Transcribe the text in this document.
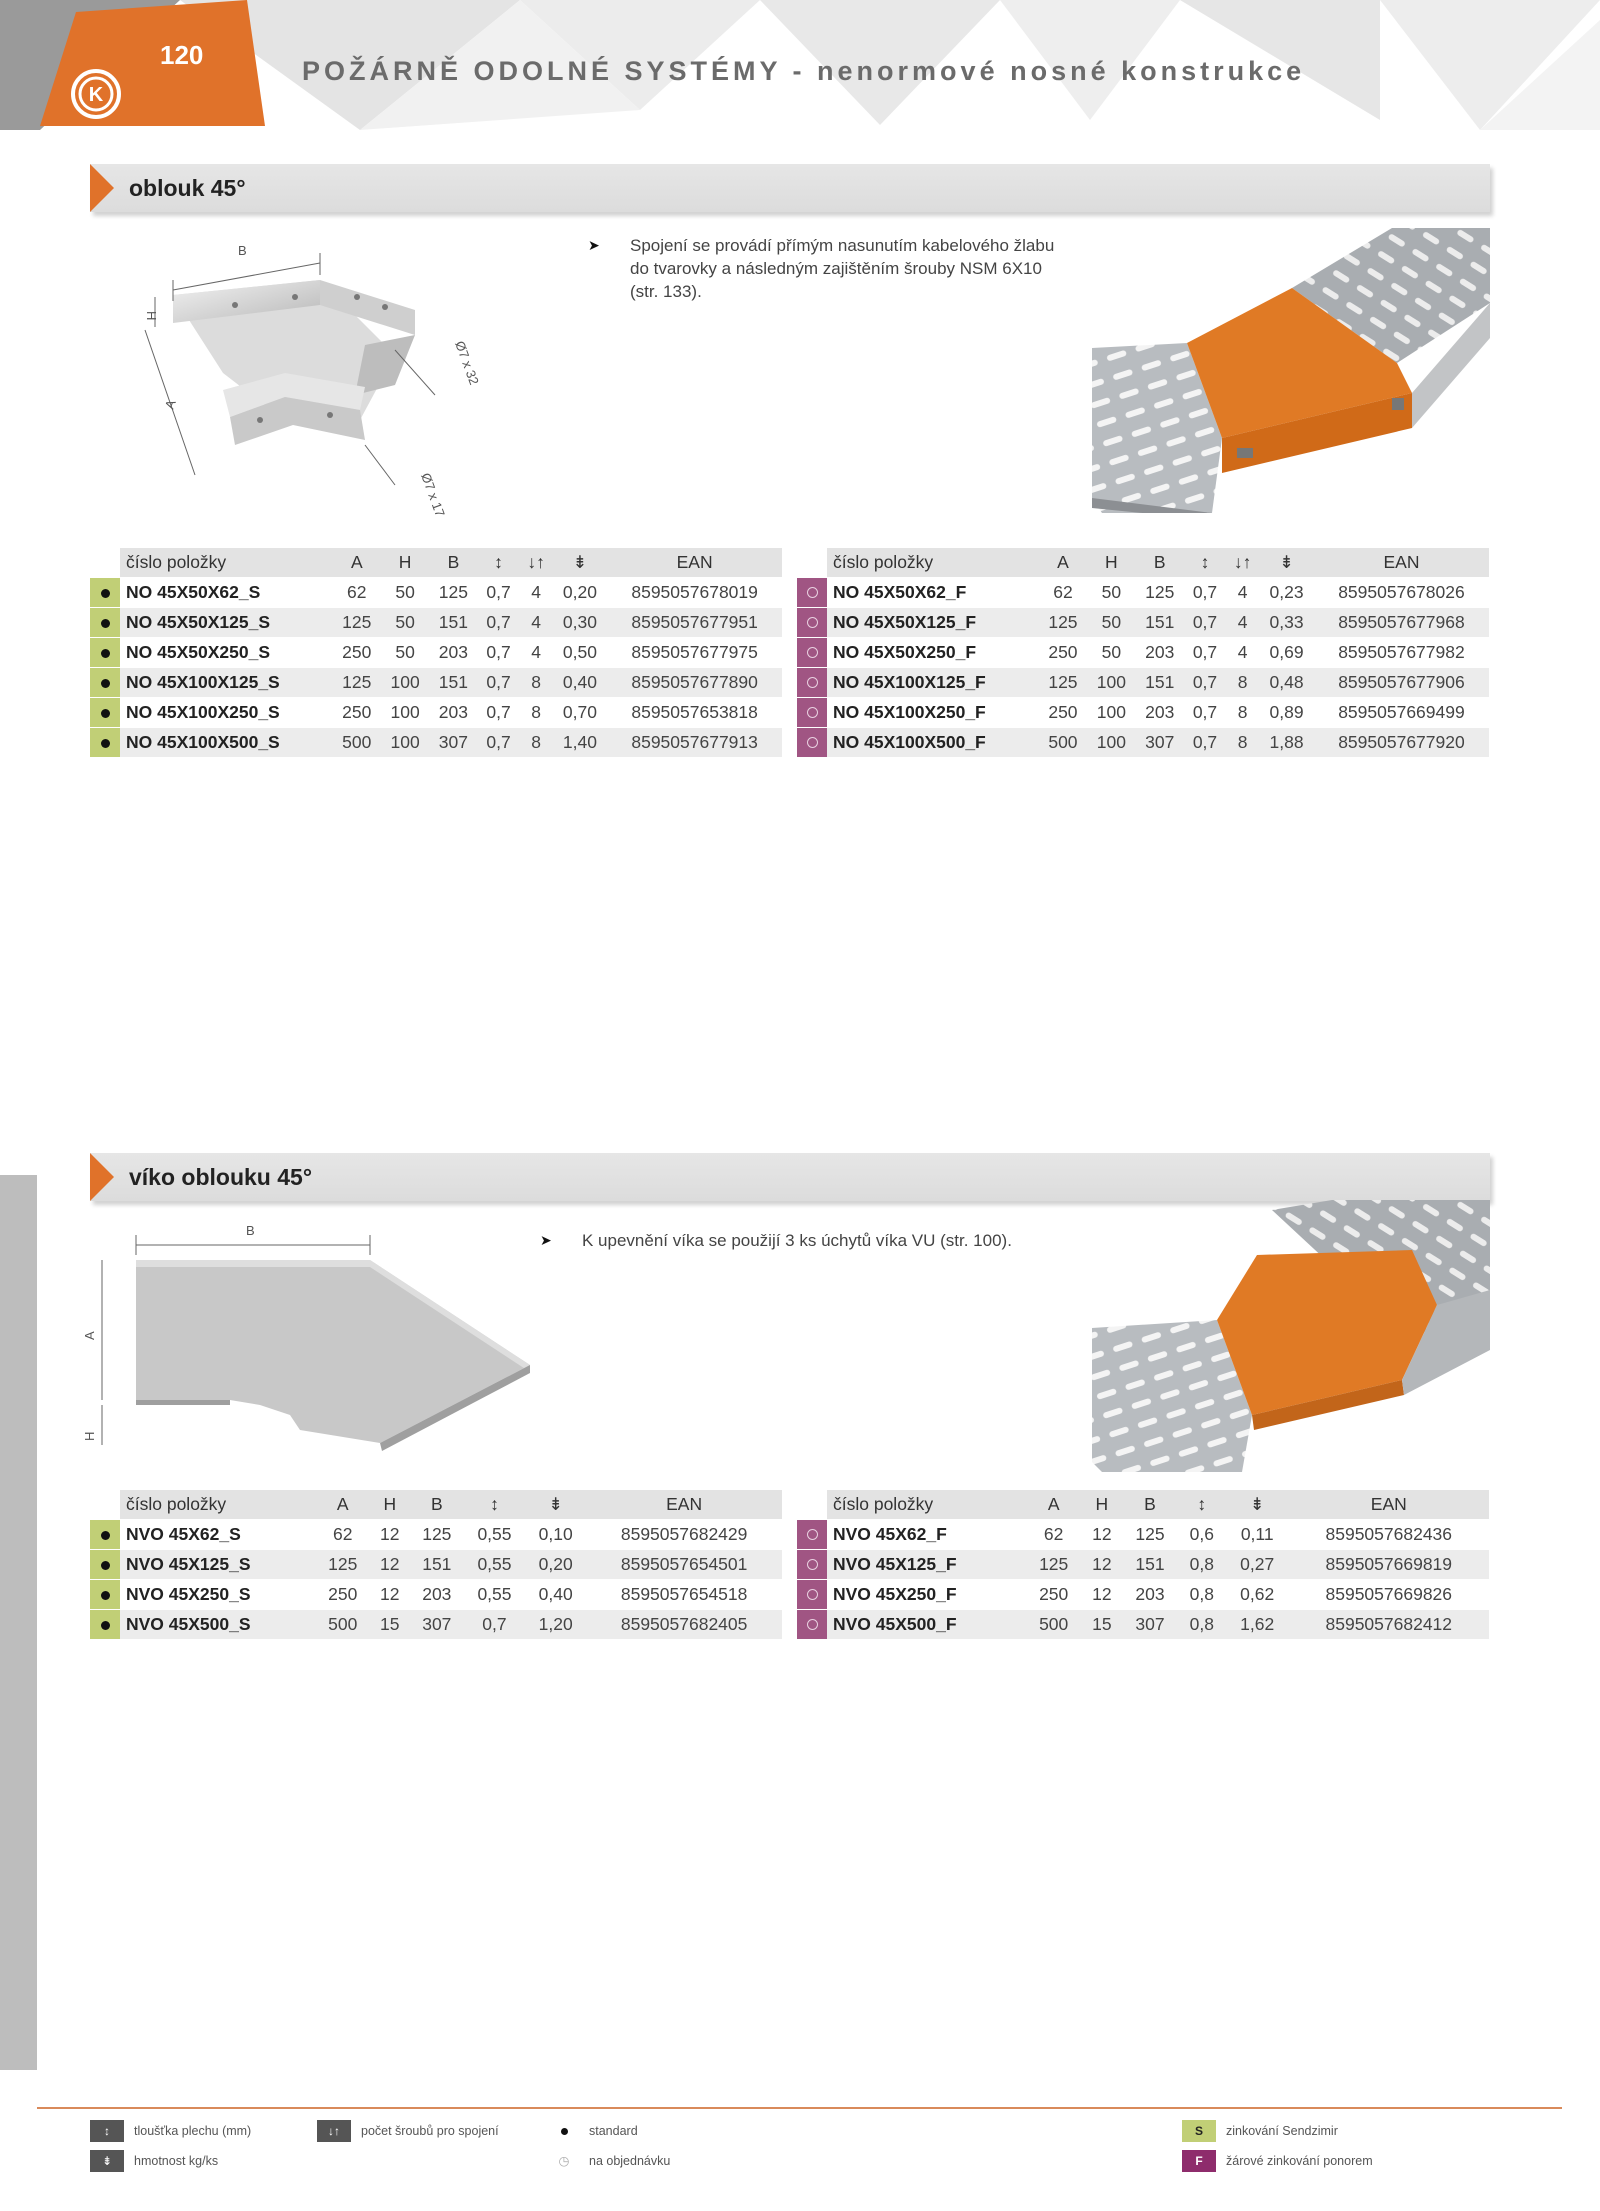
120
K
POŽÁRNĚ ODOLNÉ SYSTÉMY - nenormové nosné konstrukce
oblouk 45°
B
H
A
Ø7 x 32
Ø7 x 17
➤ Spojení se provádí přímým nasunutím kabelového žlabu do tvarovky a následným zajištěním šrouby NSM 6X10 (str. 133).
	číslo položky	A	H	B	↕	↓↑	⇟	EAN
	NO 45X50X62_S	62	50	125	0,7	4	0,20	8595057678019
	NO 45X50X125_S	125	50	151	0,7	4	0,30	8595057677951
	NO 45X50X250_S	250	50	203	0,7	4	0,50	8595057677975
	NO 45X100X125_S	125	100	151	0,7	8	0,40	8595057677890
	NO 45X100X250_S	250	100	203	0,7	8	0,70	8595057653818
	NO 45X100X500_S	500	100	307	0,7	8	1,40	8595057677913
	číslo položky	A	H	B	↕	↓↑	⇟	EAN
	NO 45X50X62_F	62	50	125	0,7	4	0,23	8595057678026
	NO 45X50X125_F	125	50	151	0,7	4	0,33	8595057677968
	NO 45X50X250_F	250	50	203	0,7	4	0,69	8595057677982
	NO 45X100X125_F	125	100	151	0,7	8	0,48	8595057677906
	NO 45X100X250_F	250	100	203	0,7	8	0,89	8595057669499
	NO 45X100X500_F	500	100	307	0,7	8	1,88	8595057677920
víko oblouku 45°
B
A
H
➤ K upevnění víka se použijí 3 ks úchytů víka VU (str. 100).
	číslo položky	A	H	B	↕	⇟	EAN
	NVO 45X62_S	62	12	125	0,55	0,10	8595057682429
	NVO 45X125_S	125	12	151	0,55	0,20	8595057654501
	NVO 45X250_S	250	12	203	0,55	0,40	8595057654518
	NVO 45X500_S	500	15	307	0,7	1,20	8595057682405
	číslo položky	A	H	B	↕	⇟	EAN
	NVO 45X62_F	62	12	125	0,6	0,11	8595057682436
	NVO 45X125_F	125	12	151	0,8	0,27	8595057669819
	NVO 45X250_F	250	12	203	0,8	0,62	8595057669826
	NVO 45X500_F	500	15	307	0,8	1,62	8595057682412
↕	tloušťka plechu (mm)
⇟	hmotnost kg/ks
↓↑	počet šroubů pro spojení	standard
◷ na objednávku
S	zinkování Sendzimir
F	žárové zinkování ponorem
